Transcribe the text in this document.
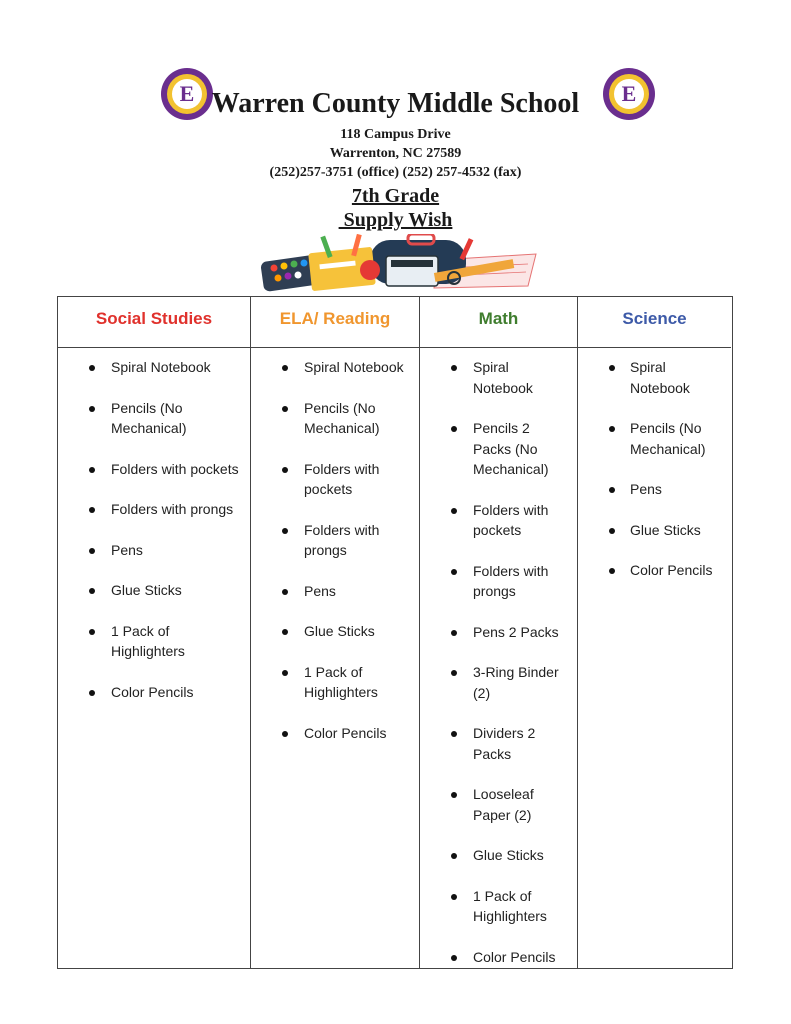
E	E
Warren County Middle School
118 Campus Drive
Warrenton, NC 27589
(252)257-3751 (office) (252) 257-4532 (fax)
7th Grade
Supply Wish
Social Studies
Spiral Notebook
Pencils (No Mechanical)
Folders with pockets
Folders with prongs
Pens
Glue Sticks
1 Pack of Highlighters
Color Pencils
ELA/ Reading
Spiral Notebook
Pencils (No Mechanical)
Folders with pockets
Folders with prongs
Pens
Glue Sticks
1 Pack of Highlighters
Color Pencils
Math
Spiral Notebook
Pencils 2 Packs (No Mechanical)
Folders with pockets
Folders with prongs
Pens 2 Packs
3-Ring Binder (2)
Dividers 2 Packs
Looseleaf Paper (2)
Glue Sticks
1 Pack of Highlighters
Color Pencils
Science
Spiral Notebook
Pencils (No Mechanical)
Pens
Glue Sticks
Color Pencils
